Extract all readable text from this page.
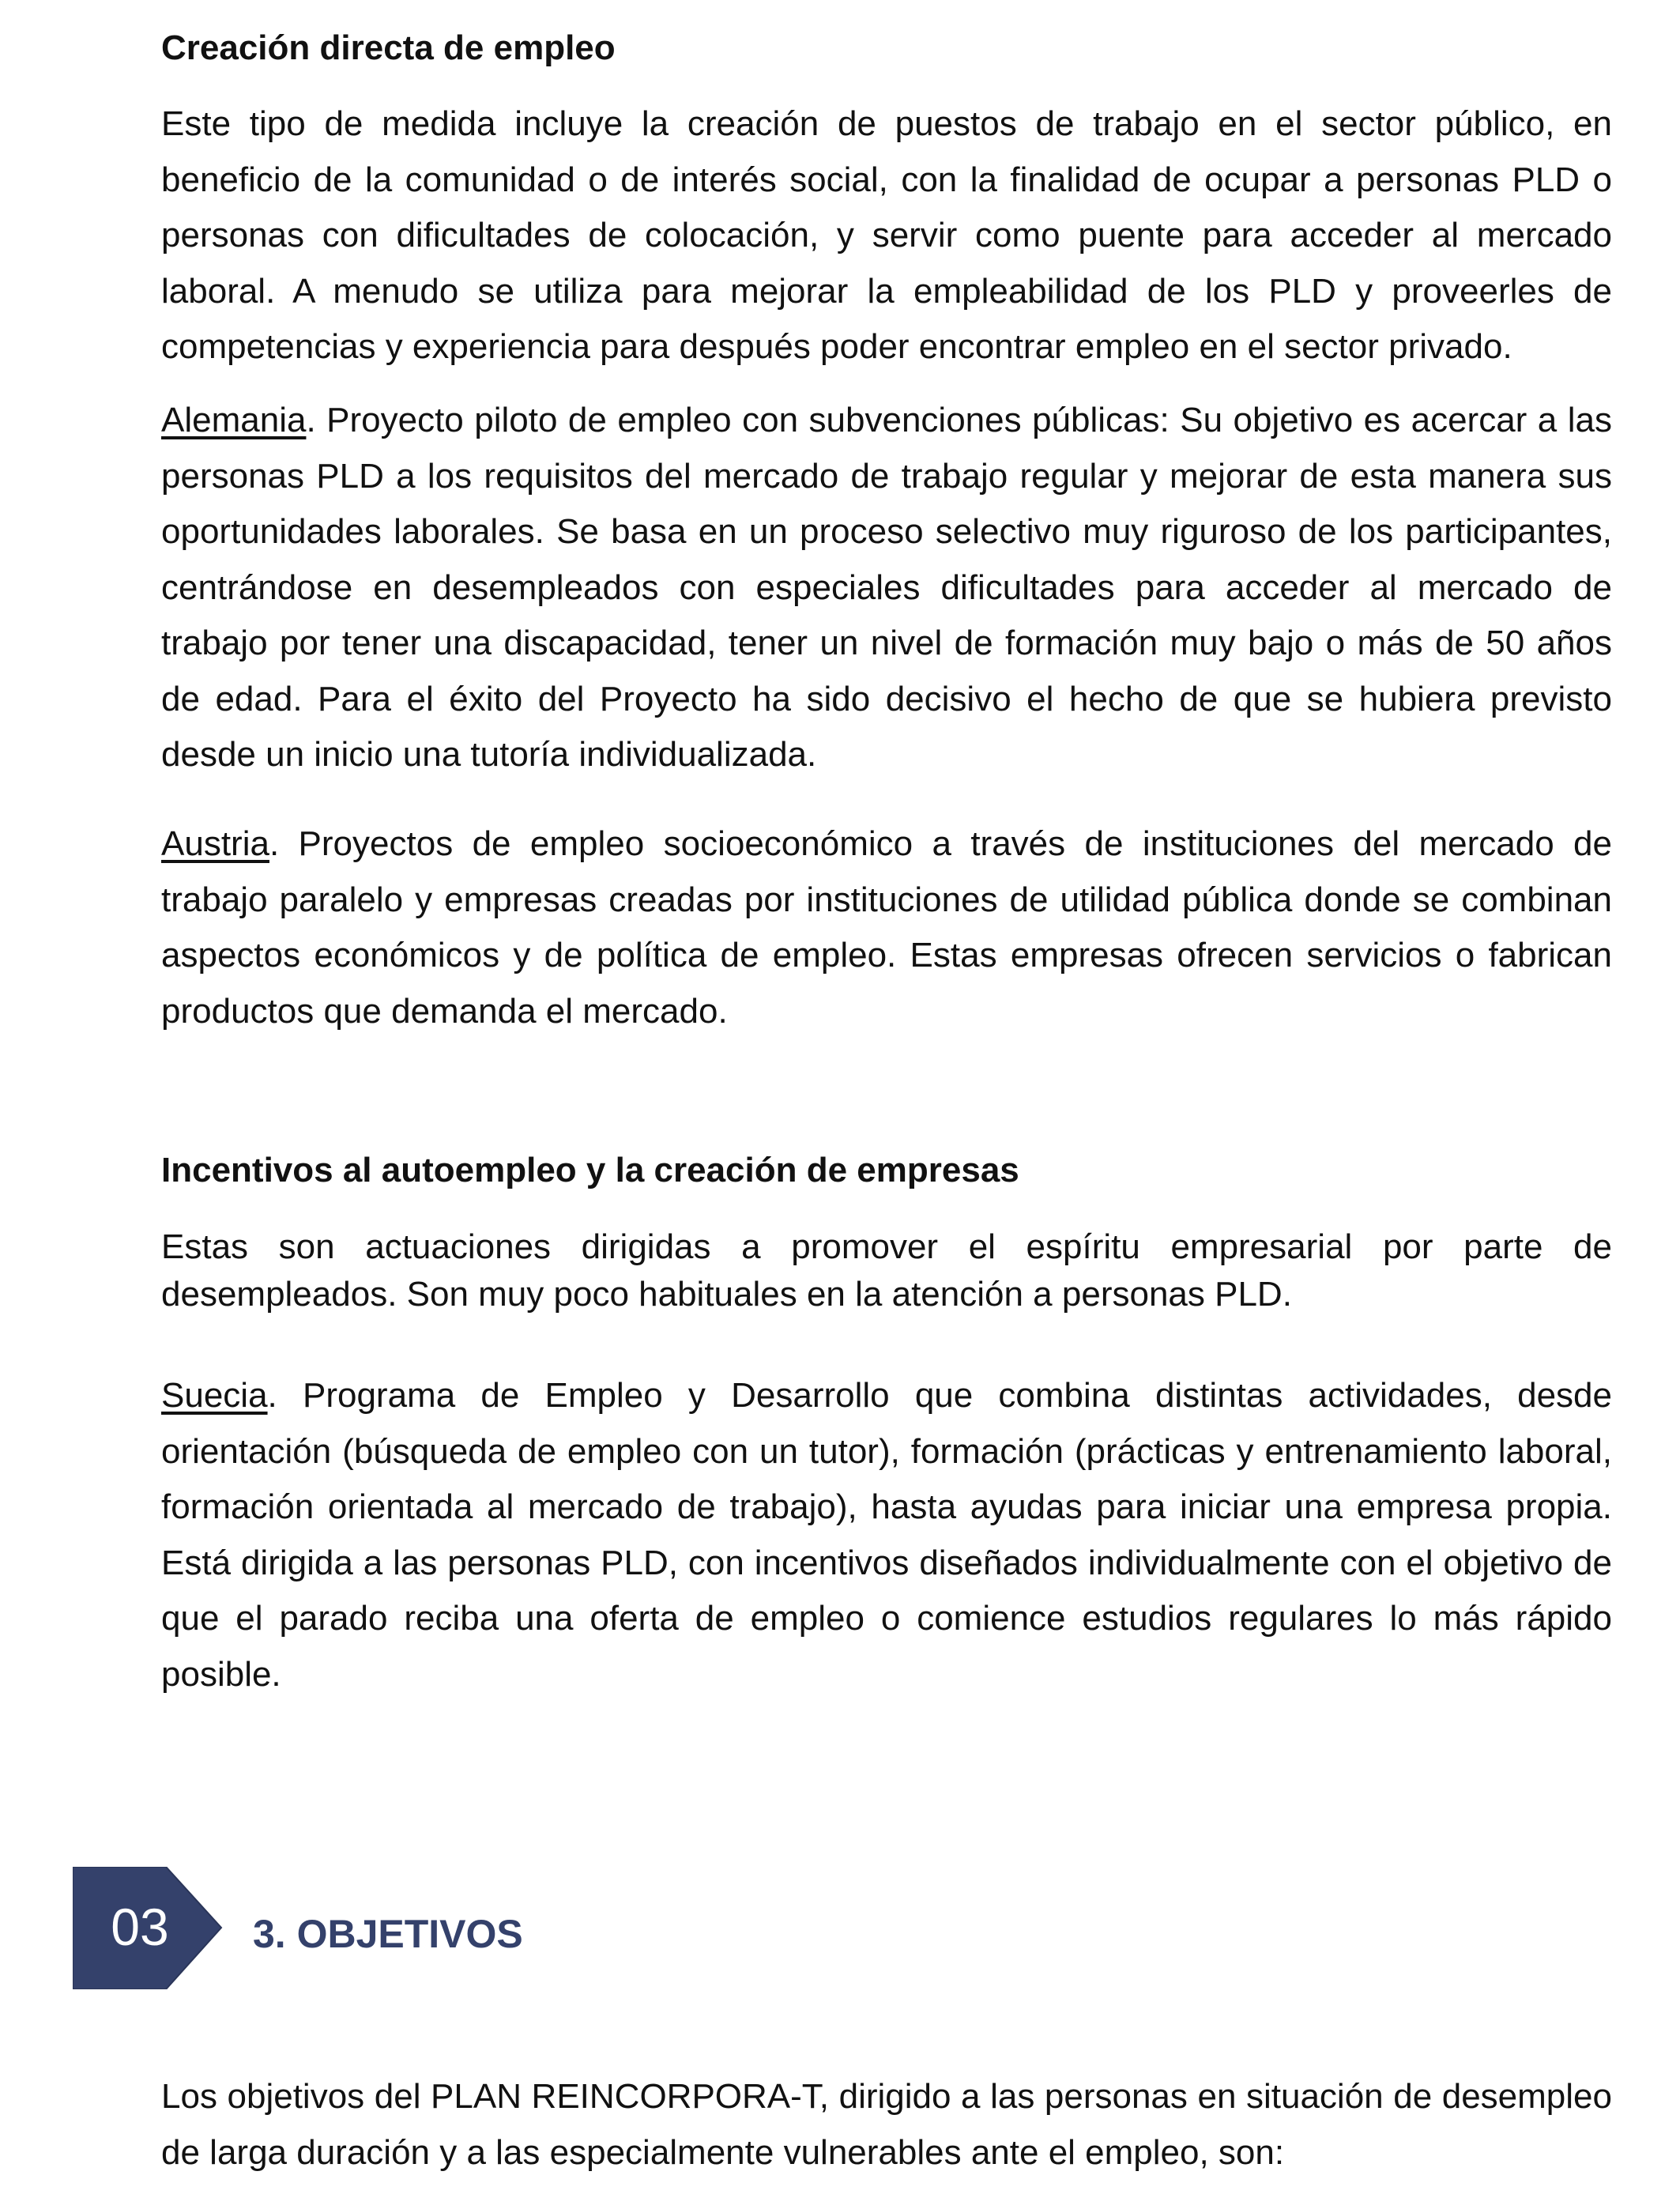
Creación directa de empleo

Este tipo de medida incluye la creación de puestos de trabajo en el sector público, en beneficio de la comunidad o de interés social, con la finalidad de ocupar a personas PLD o personas con dificultades de colocación, y servir como puente para acceder al mercado laboral. A menudo se utiliza para mejorar la empleabilidad de los PLD y proveerles de competencias y experiencia para después poder encontrar empleo en el sector privado.

Alemania. Proyecto piloto de empleo con subvenciones públicas: Su objetivo es acercar a las personas PLD a los requisitos del mercado de trabajo regular y mejorar de esta manera sus oportunidades laborales. Se basa en un proceso selectivo muy riguroso de los participantes, centrándose en desempleados con especiales dificultades para acceder al mercado de trabajo por tener una discapacidad, tener un nivel de formación muy bajo o más de 50 años de edad. Para el éxito del Proyecto ha sido decisivo el hecho de que se hubiera previsto desde un inicio una tutoría individualizada.

Austria. Proyectos de empleo socioeconómico a través de instituciones del mercado de trabajo paralelo y empresas creadas por instituciones de utilidad pública donde se combinan aspectos económicos y de política de empleo. Estas empresas ofrecen servicios o fabrican productos que demanda el mercado.

Incentivos al autoempleo y la creación de empresas

Estas son actuaciones dirigidas a promover el espíritu empresarial por parte de desempleados. Son muy poco habituales en la atención a personas PLD.

Suecia. Programa de Empleo y Desarrollo que combina distintas actividades, desde orientación (búsqueda de empleo con un tutor), formación (prácticas y entrenamiento laboral, formación orientada al mercado de trabajo), hasta ayudas para iniciar una empresa propia. Está dirigida a las personas PLD, con incentivos diseñados individualmente con el objetivo de que el parado reciba una oferta de empleo o comience estudios regulares lo más rápido posible.

03	3. OBJETIVOS

Los objetivos del PLAN REINCORPORA-T, dirigido a las personas en situación de desempleo de larga duración y a las especialmente vulnerables ante el empleo, son:
